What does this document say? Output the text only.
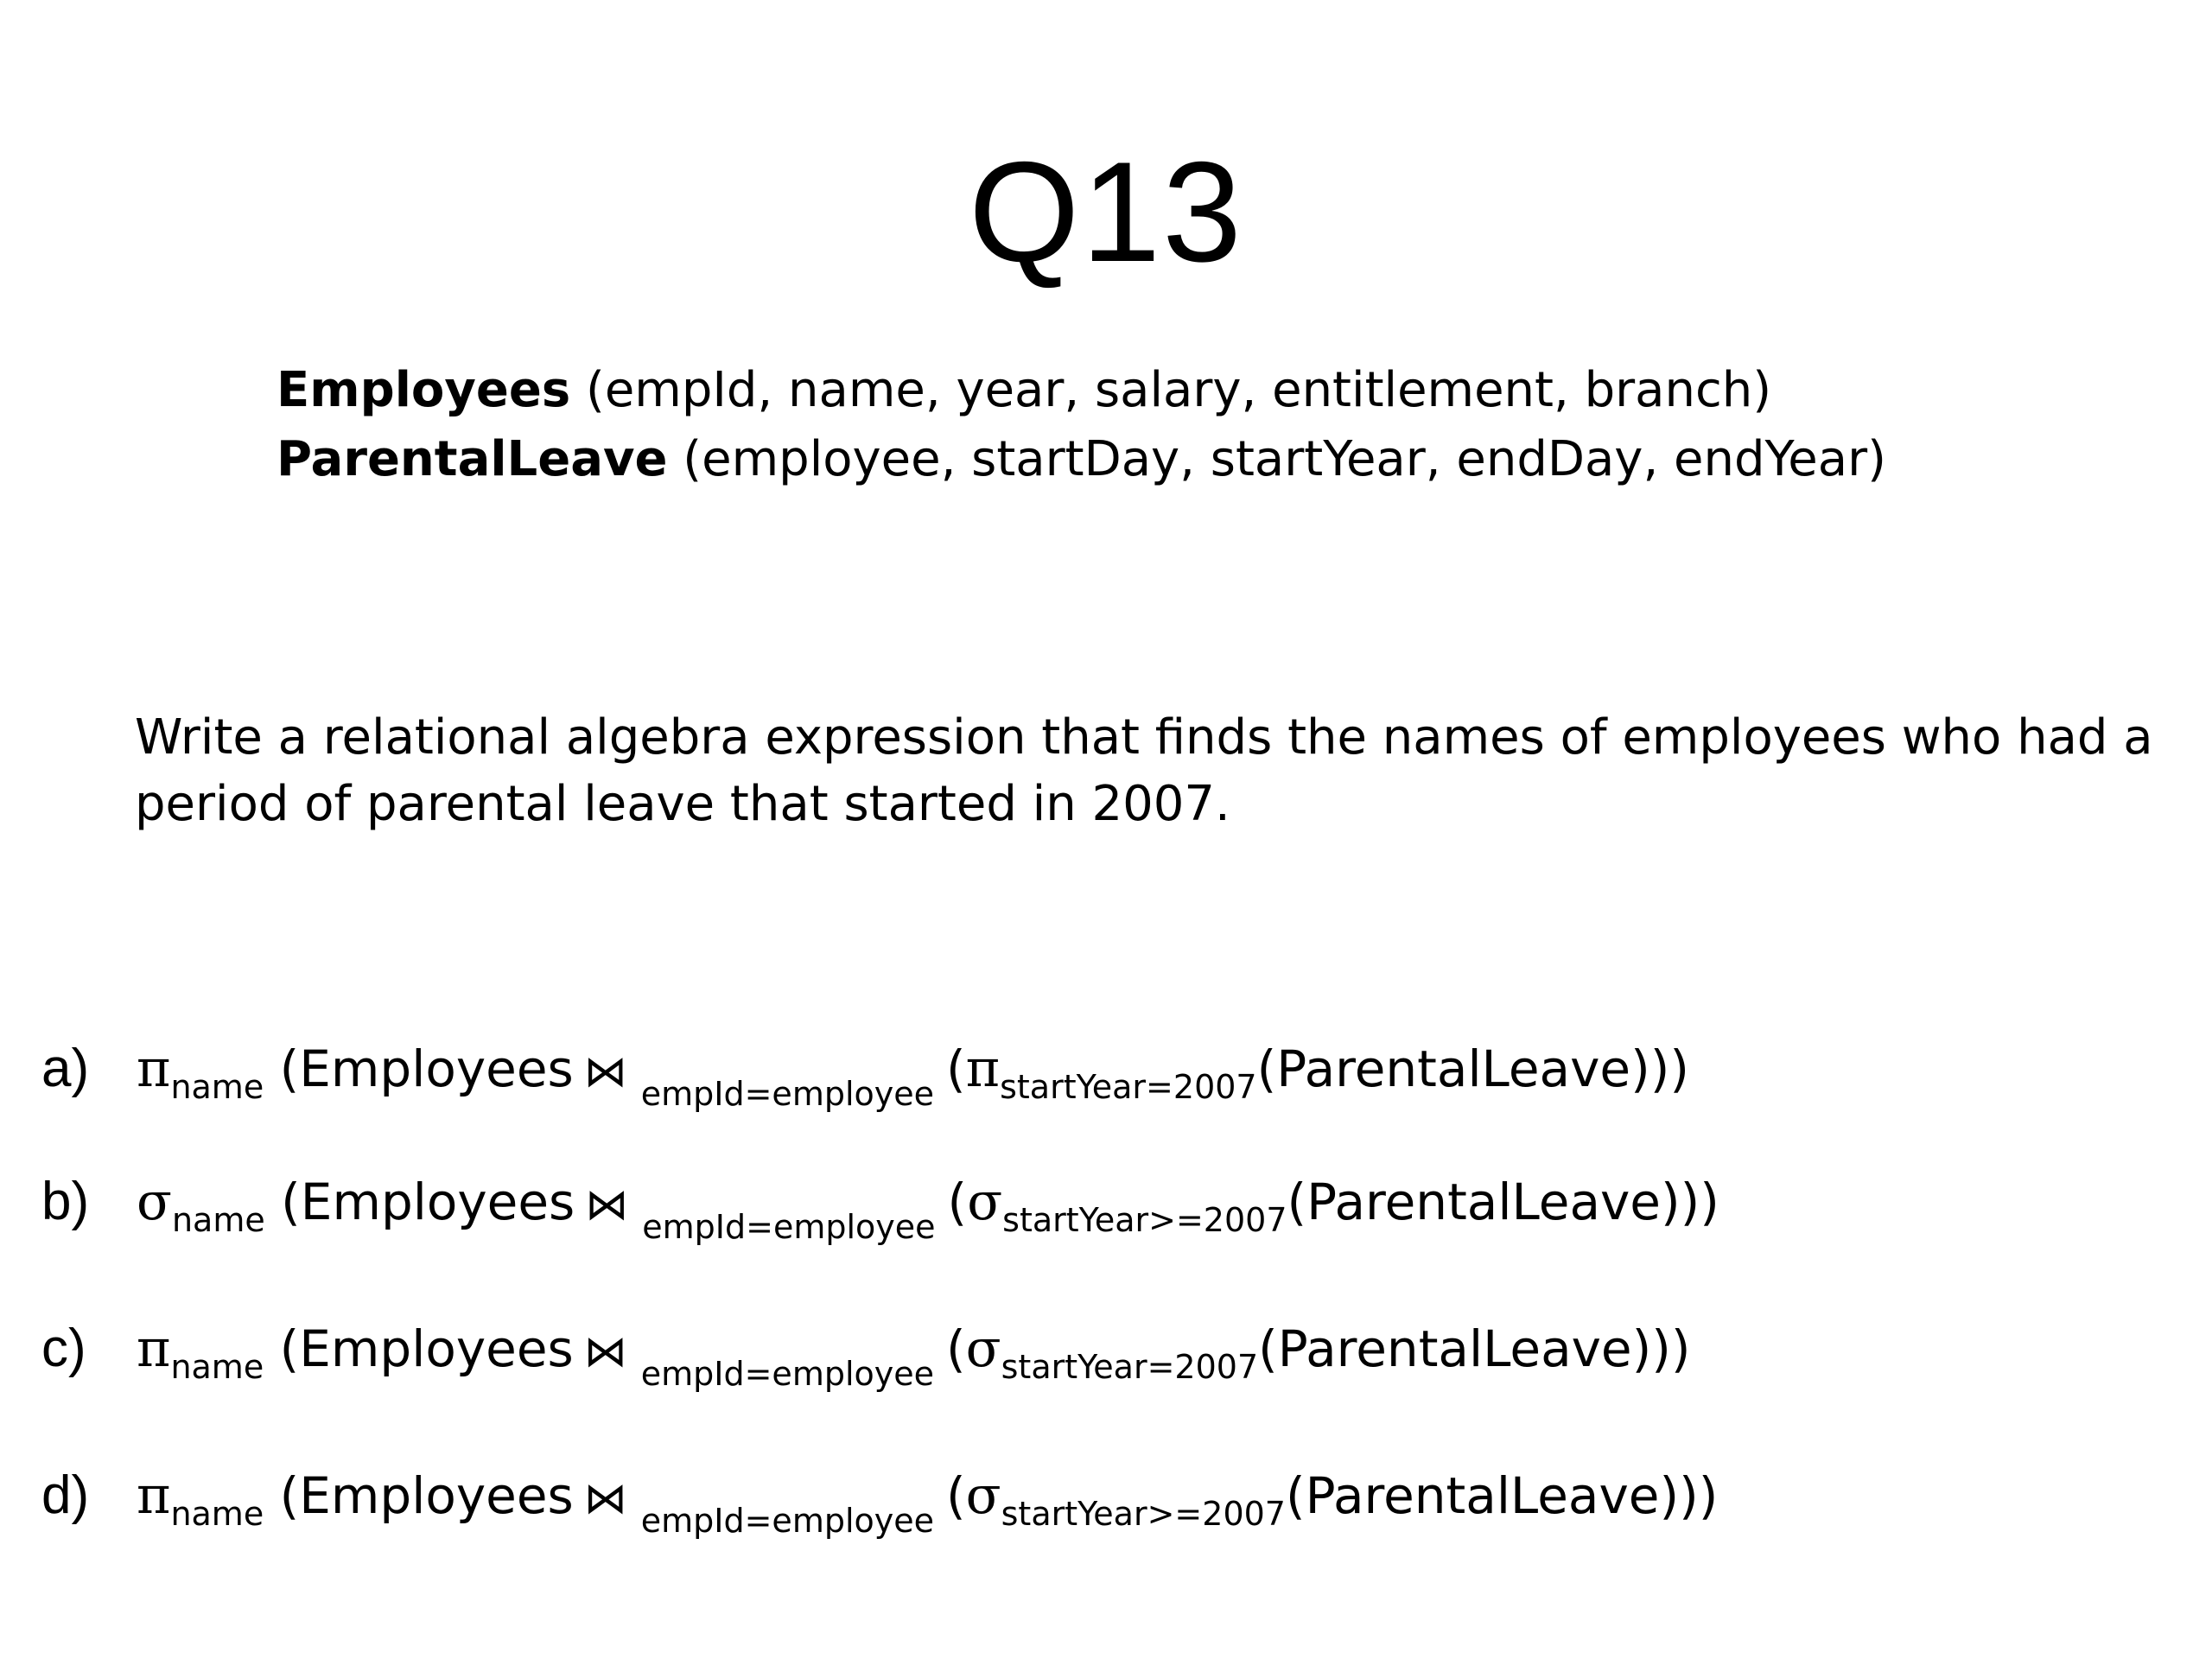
Q13
Employees (empId, name, year, salary, entitlement, branch)
ParentalLeave (employee, startDay, startYear, endDay, endYear)

Write a relational algebra expression that finds the names of employees who had a

period of parental leave that started in 2007.

a) $\pi_{name}$ (Employees ⋈ $_{empId=employee}$ $(\pi_{startYear=2007}(ParentalLeave))$)
b) $\sigma_{name}$ (Employees ⋈ $_{empId=employee}$ $(\sigma_{startYear>=2007}(ParentalLeave))$)
c) $\pi_{name}$ (Employees ⋈ $_{empId=employee}$ $(\sigma_{startYear=2007}(ParentalLeave))$)
d) $\pi_{name}$ (Employees ⋈ $_{empId=employee}$ $(\sigma_{startYear>=2007}(ParentalLeave))$)
